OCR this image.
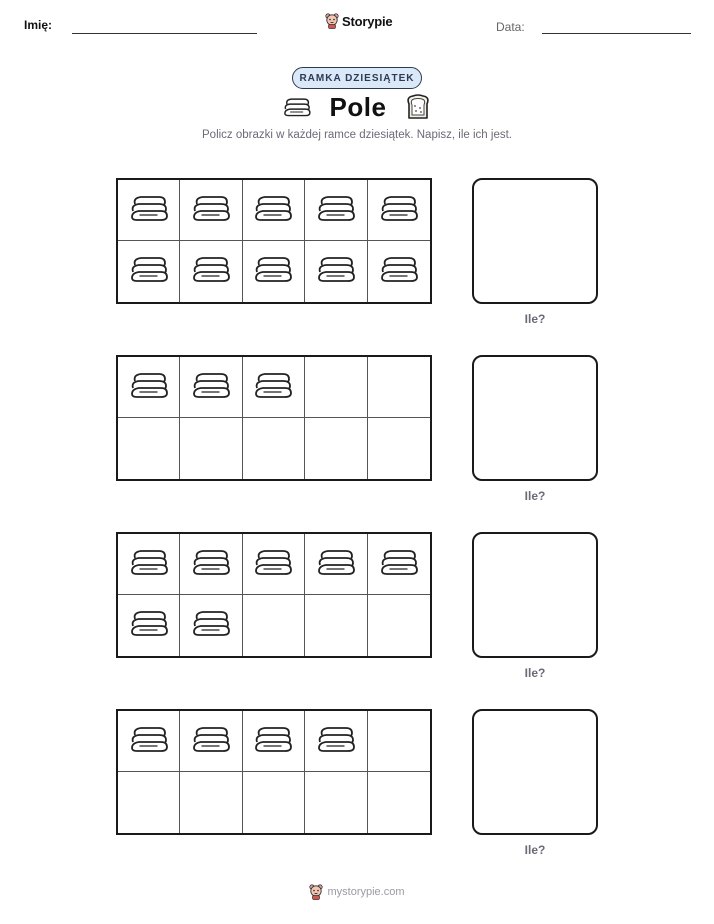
Imię:	Storypie	Data:
RAMKA DZIESIĄTEK
Pole
Policz obrazki w każdej ramce dziesiątek. Napisz, ile ich jest.
Ile?
Ile?
Ile?
Ile?
mystorypie.com
